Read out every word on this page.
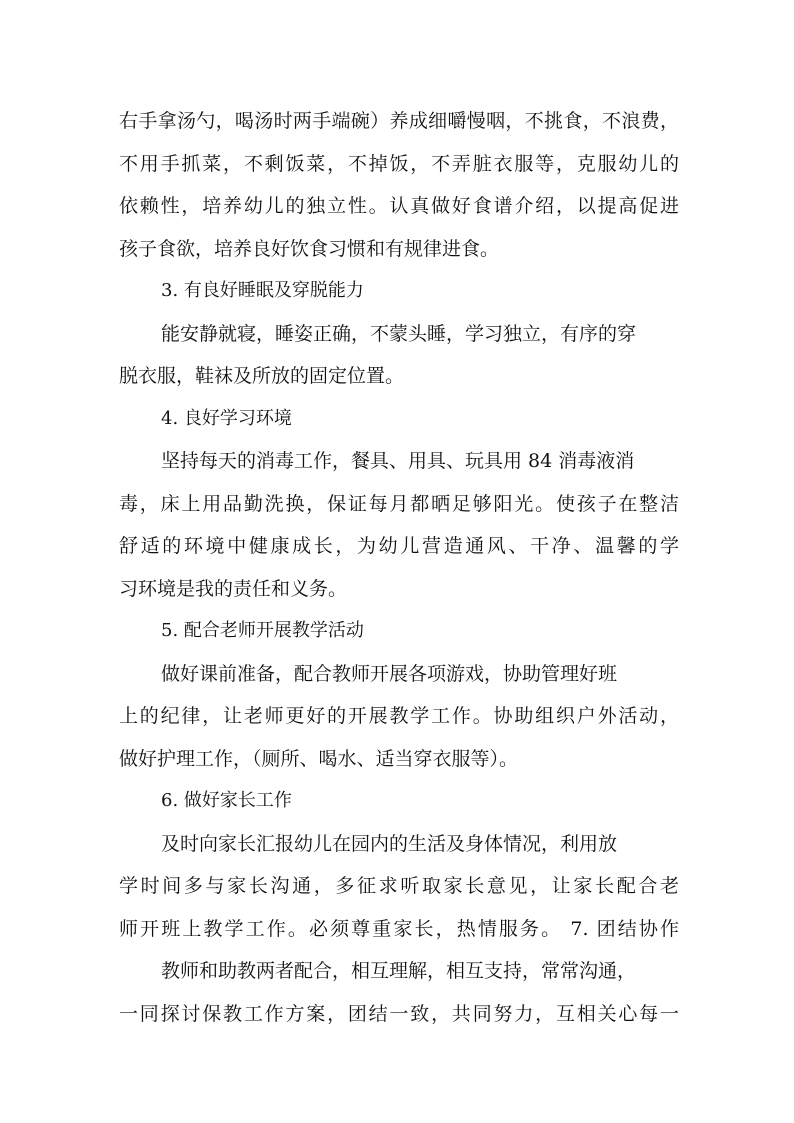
右手拿汤勺，喝汤时两手端碗）养成细嚼慢咽，不挑食，不浪费，
不用手抓菜，不剩饭菜，不掉饭，不弄脏衣服等，克服幼儿的
依赖性，培养幼儿的独立性。认真做好食谱介绍，以提高促进
孩子食欲，培养良好饮食习惯和有规律进食。
3. 有良好睡眠及穿脱能力
能安静就寝，睡姿正确，不蒙头睡，学习独立，有序的穿
脱衣服，鞋袜及所放的固定位置。
4. 良好学习环境
坚持每天的消毒工作，餐具、用具、玩具用 84 消毒液消
毒，床上用品勤洗换，保证每月都晒足够阳光。使孩子在整洁
舒适的环境中健康成长，为幼儿营造通风、干净、温馨的学
习环境是我的责任和义务。
5. 配合老师开展教学活动
做好课前准备，配合教师开展各项游戏，协助管理好班
上的纪律，让老师更好的开展教学工作。协助组织户外活动，
做好护理工作，（厕所、喝水、适当穿衣服等）。
6. 做好家长工作
及时向家长汇报幼儿在园内的生活及身体情况，利用放
学时间多与家长沟通，多征求听取家长意见，让家长配合老
师开班上教学工作。必须尊重家长，热情服务。 7. 团结协作
教师和助教两者配合，相互理解，相互支持，常常沟通，
一同探讨保教工作方案，团结一致，共同努力，互相关心每一
